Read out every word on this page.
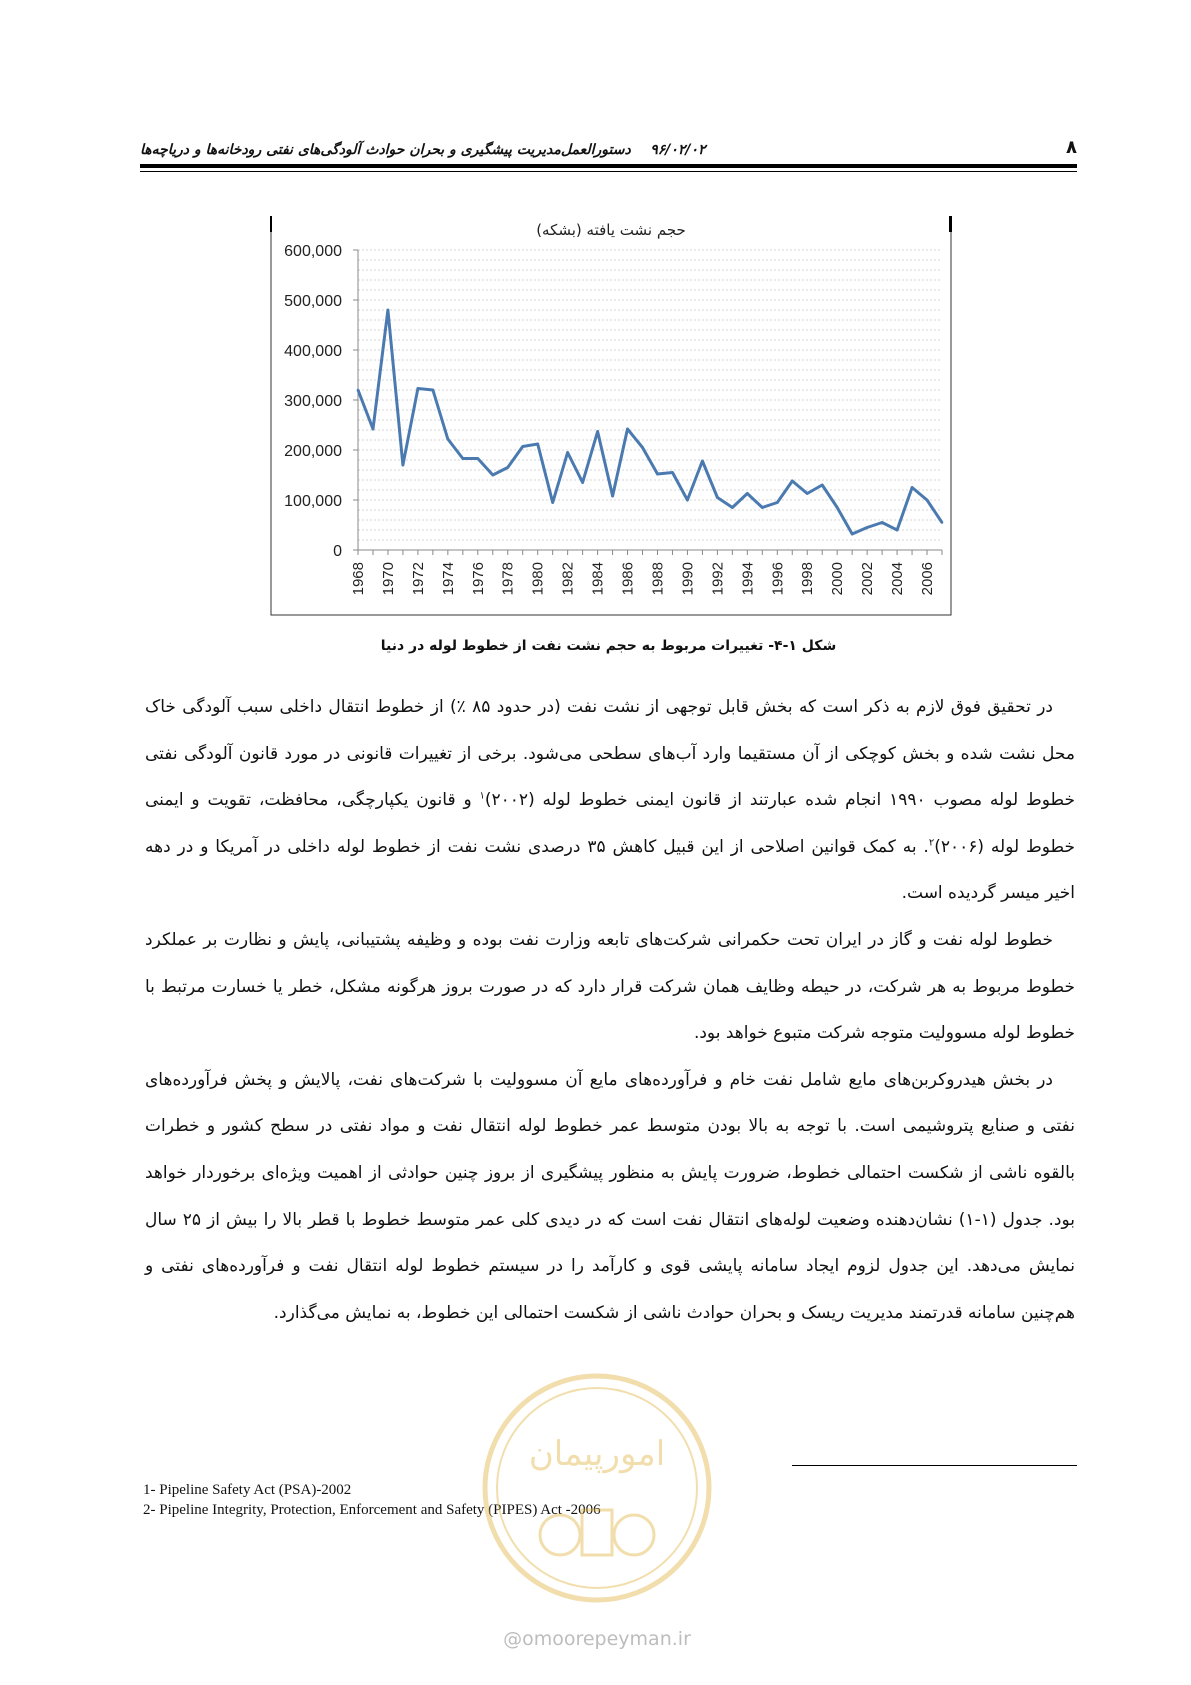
۸
۹۶/۰۲/۰۲    دستورالعمل‌مدیریت پیشگیری و بحران حوادث آلودگی‌های نفتی رودخانه‌ها و دریاچه‌ها
0
100,000
200,000
300,000
400,000
500,000
600,000
1968 1970 1972 1974 1976 1978 1980 1982 1984 1986 1988 1990 1992 1994 1996 1998 2000 2002 2004 2006
حجم نشت یافته (بشکه)
شکل ۱-۴- تغییرات مربوط به حجم نشت نفت از خطوط لوله در دنیا

در تحقیق فوق لازم به ذکر است که بخش قابل توجهی از نشت نفت (در حدود ۸۵ ٪) از خطوط انتقال داخلی سبب آلودگی خاک محل نشت شده و بخش کوچکی از آن مستقیما وارد آب‌های سطحی می‌شود. برخی از تغییرات قانونی در مورد قانون آلودگی نفتی خطوط لوله مصوب ۱۹۹۰ انجام شده عبارتند از قانون ایمنی خطوط لوله (۲۰۰۲)$^۱$ و قانون یکپارچگی، محافظت، تقویت و ایمنی خطوط لوله (۲۰۰۶)$^۲$. به کمک قوانین اصلاحی از این قبیل کاهش ۳۵ درصدی نشت نفت از خطوط لوله داخلی در آمریکا و در دهه اخیر میسر گردیده است.

خطوط لوله نفت و گاز در ایران تحت حکمرانی شرکت‌های تابعه وزارت نفت بوده و وظیفه پشتیبانی، پایش و نظارت بر عملکرد خطوط مربوط به هر شرکت، در حیطه وظایف همان شرکت قرار دارد که در صورت بروز هرگونه مشکل، خطر یا خسارت مرتبط با خطوط لوله مسوولیت متوجه شرکت متبوع خواهد بود.

در بخش هیدروکربن‌های مایع شامل نفت خام و فرآورده‌های مایع آن مسوولیت با شرکت‌های نفت، پالایش و پخش فرآورده‌های نفتی و صنایع پتروشیمی است. با توجه به بالا بودن متوسط عمر خطوط لوله انتقال نفت و مواد نفتی در سطح کشور و خطرات بالقوه ناشی از شکست احتمالی خطوط، ضرورت پایش به منظور پیشگیری از بروز چنین حوادثی از اهمیت ویژه‌ای برخوردار خواهد بود. جدول (۱-۱) نشان‌دهنده وضعیت لوله‌های انتقال نفت است که در دیدی کلی عمر متوسط خطوط با قطر بالا را بیش از ۲۵ سال نمایش می‌دهد. این جدول لزوم ایجاد سامانه پایشی قوی و کارآمد را در سیستم خطوط لوله انتقال نفت و فرآورده‌های نفتی و هم‌چنین سامانه قدرتمند مدیریت ریسک و بحران حوادث ناشی از شکست احتمالی این خطوط، به نمایش می‌گذارد.

1- Pipeline Safety Act (PSA)-2002
2- Pipeline Integrity, Protection, Enforcement and Safety (PIPES) Act -2006
امورپیمان
@omoorepeyman.ir
